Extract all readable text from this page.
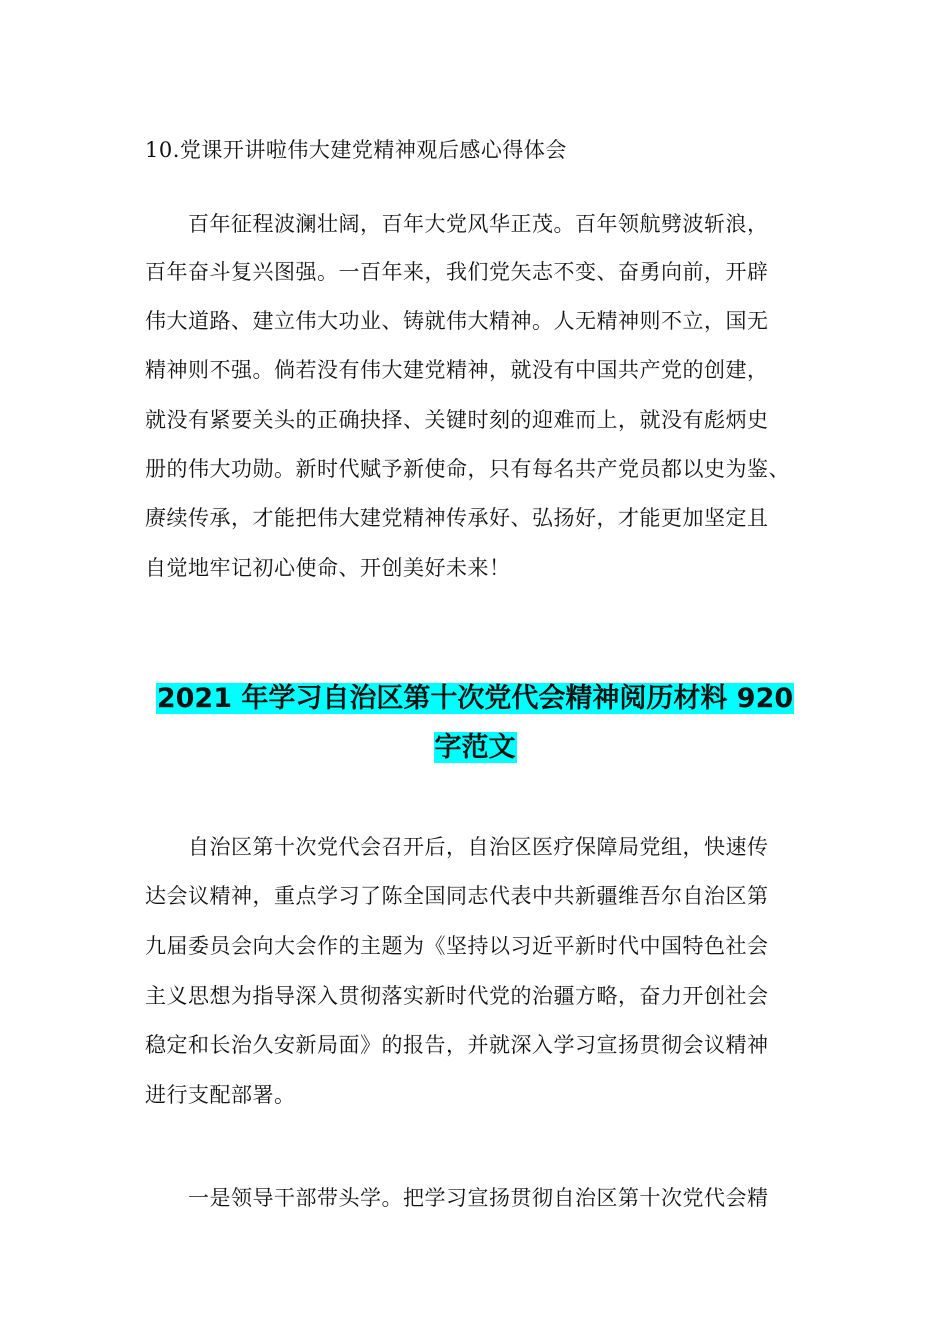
10.党课开讲啦伟大建党精神观后感心得体会
　　百年征程波澜壮阔，百年大党风华正茂。百年领航劈波斩浪，
百年奋斗复兴图强。一百年来，我们党矢志不变、奋勇向前，开辟
伟大道路、建立伟大功业、铸就伟大精神。人无精神则不立，国无
精神则不强。倘若没有伟大建党精神，就没有中国共产党的创建，
就没有紧要关头的正确抉择、关键时刻的迎难而上，就没有彪炳史
册的伟大功勋。新时代赋予新使命，只有每名共产党员都以史为鉴、
赓续传承，才能把伟大建党精神传承好、弘扬好，才能更加坚定且
自觉地牢记初心使命、开创美好未来！
2021 年学习自治区第十次党代会精神阅历材料 920
字范文
　　自治区第十次党代会召开后，自治区医疗保障局党组，快速传
达会议精神，重点学习了陈全国同志代表中共新疆维吾尔自治区第
九届委员会向大会作的主题为《坚持以习近平新时代中国特色社会
主义思想为指导深入贯彻落实新时代党的治疆方略，奋力开创社会
稳定和长治久安新局面》的报告，并就深入学习宣扬贯彻会议精神
进行支配部署。
　　一是领导干部带头学。把学习宣扬贯彻自治区第十次党代会精
